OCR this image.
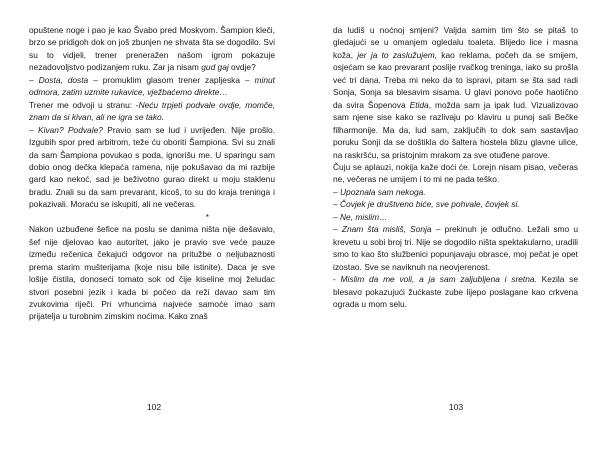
opuštene noge i pao je kao Švabo pred Moskvom. Šampion kleči, brzo se pridigoh dok on još zbunjen ne shvata šta se dogodilo. Svi su to vidjeli, trener preneražen našom igrom pokazuje nezadovoljstvo podizanjem ruku. Zar ja nisam gud gaj ovdje?

– Dosta, dosta – promuklim glasom trener zapljeska – minut odmora, zatim uzmite rukavice, vježbaćemo direkte…

Trener me odvoji u stranu: -Neću trpjeti podvale ovdje, momče, znam da si kivan, ali ne igra se tako.

– Kivan? Podvale? Pravio sam se lud i uvrijeđen. Nije prošlo. Izgubih spor pred arbitrom, teže ću oboriti Šampiona. Svi su znali da sam Šampiona povukao s poda, ignorišu me. U sparingu sam dobio onog dečka klepaća ramena, nije pokušavao da mi razbije gard kao nekoć, sad je beživotno gurao direkt u moju staklenu bradu. Znali su da sam prevarant, kicoš, to su do kraja treninga i pokazivali. Moraću se iskupiti, ali ne večeras.

*

Nakon uzbuđene šefice na poslu se danima ništa nije dešavalo, šef nije djelovao kao autoritet, jako je pravio sve veće pauze između rečenica čekajući odgovor na pritužbe o neljubaznosti prema starim mušterijama (koje nisu bile istinite). Daca je sve lošije čistila, donoseći tomato sok od čije kiseline moj želudac stvori posebni jezik i kada bi počeo da reži davao sam tim zvukovima riječi. Pri vrhuncima najveće samoće imao sam prijatelja u turobnim zimskim noćima. Kako znaš

102

da ludiš u noćnoj smjeni? Valjda samim tim što se pitaš to gledajući se u omanjem ogledalu toaleta. Blijedo lice i masna koža, jer ja to zaslužujem, kao reklama, počeh da se smijem, osjećam se kao prevarant poslije rvačkog treninga, iako su prošla već tri dana. Treba mi neko da to ispravi, pitam se šta sad radi Sonja, Sonja sa blesavim sisama. U glavi ponovo poče haotično da svira Šopenova Etida, možda sam ja ipak lud. Vizualizovao sam njene sise kako se razlivaju po klaviru u punoj sali Bečke filharmonije. Ma da, lud sam, zaključih to dok sam sastavljao poruku Sonji da se doštikla do šaltera hostela blizu glavne ulice, na raskršću, sa pristojnim mrakom za sve otuđene parove.

Čuju se aplauzi, nokija kaže doći će. Lorejn nisam pisao, večeras ne, večeras ne umijem i to mi ne pada teško.

– Upoznala sam nekoga.

– Čovjek je društveno biće, sve pohvale, čovjek si.

– Ne, mislim…

– Znam šta misliš, Sonja – prekinuh je odlučno. Ležali smo u krevetu u sobi broj tri. Nije se dogodilo ništa spektakularno, uradili smo to kao što službenici popunjavaju obrasce, moj pečat je opet izostao. Sve se naviknuh na neovjerenost.

- Mislim da me voli, a ja sam zaljubljena i sretna. Kezila se blesavo pokazujući žućkaste zube lijepo poslagane kao crkvena ograda u mom selu.

103
